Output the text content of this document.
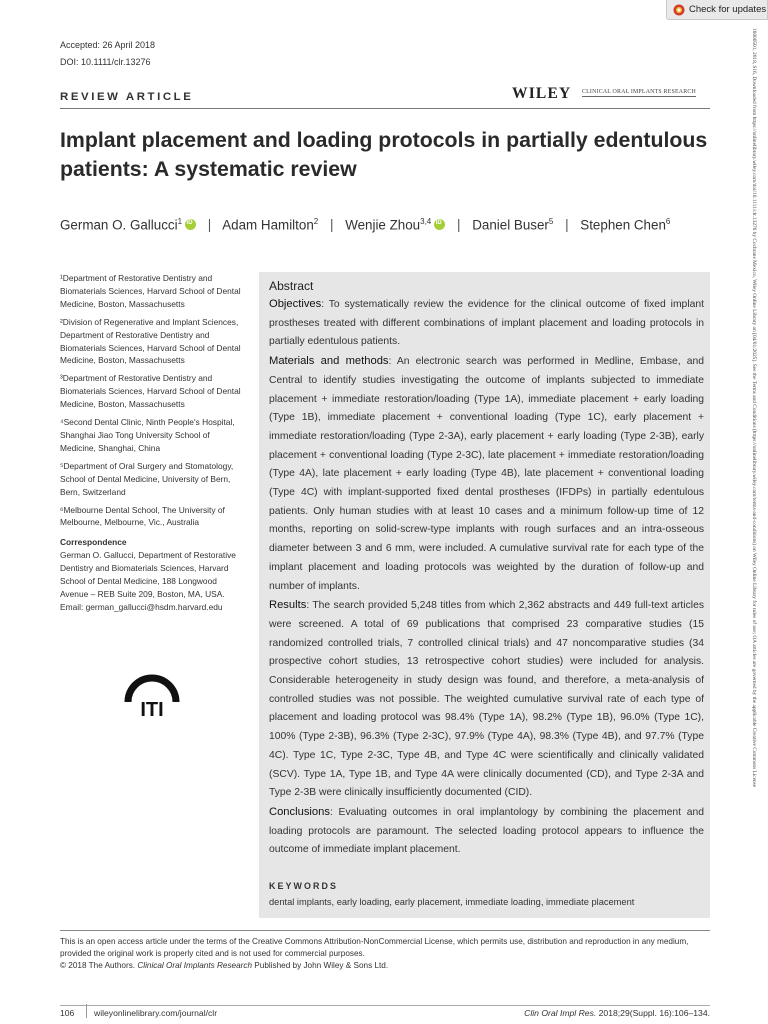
Check for updates
16000501, 2018, S16, Downloaded from https://onlinelibrary.wiley.com/doi/10.1111/clr.13276 by Cochrane Mexico, Wiley Online Library on [04/01/2025]. See the Terms and Conditions (https://onlinelibrary.wiley.com/terms-and-conditions) on Wiley Online Library for rules of use; OA articles are governed by the applicable Creative Commons License
Accepted: 26 April 2018
DOI: 10.1111/clr.13276
REVIEW ARTICLE	WILEY CLINICAL ORAL IMPLANTS RESEARCH
Implant placement and loading protocols in partially edentulous patients: A systematic review
German O. Gallucci$^1$ iD | Adam Hamilton$^2$ | Wenjie Zhou$^{3,4}$ iD | Daniel Buser$^5$ | Stephen Chen$^6$

¹Department of Restorative Dentistry and Biomaterials Sciences, Harvard School of Dental Medicine, Boston, Massachusetts

²Division of Regenerative and Implant Sciences, Department of Restorative Dentistry and Biomaterials Sciences, Harvard School of Dental Medicine, Boston, Massachusetts

³Department of Restorative Dentistry and Biomaterials Sciences, Harvard School of Dental Medicine, Boston, Massachusetts

⁴Second Dental Clinic, Ninth People's Hospital, Shanghai Jiao Tong University School of Medicine, Shanghai, China

⁵Department of Oral Surgery and Stomatology, School of Dental Medicine, University of Bern, Bern, Switzerland

⁶Melbourne Dental School, The University of Melbourne, Melbourne, Vic., Australia

Correspondence
German O. Gallucci, Department of Restorative Dentistry and Biomaterials Sciences, Harvard School of Dental Medicine, 188 Longwood Avenue – REB Suite 209, Boston, MA, USA.
Email: german_gallucci@hsdm.harvard.edu
ITI
Abstract

Objectives: To systematically review the evidence for the clinical outcome of fixed implant prostheses treated with different combinations of implant placement and loading protocols in partially edentulous patients.

Materials and methods: An electronic search was performed in Medline, Embase, and Central to identify studies investigating the outcome of implants subjected to immediate placement + immediate restoration/loading (Type 1A), immediate placement + early loading (Type 1B), immediate placement + conventional loading (Type 1C), early placement + immediate restoration/loading (Type 2-3A), early placement + early loading (Type 2-3B), early placement + conventional loading (Type 2-3C), late placement + immediate restoration/loading (Type 4A), late placement + early loading (Type 4B), late placement + conventional loading (Type 4C) with implant-supported fixed dental prostheses (IFDPs) in partially edentulous patients. Only human studies with at least 10 cases and a minimum follow-up time of 12 months, reporting on solid-screw-type implants with rough surfaces and an intra-osseous diameter between 3 and 6 mm, were included. A cumulative survival rate for each type of the implant placement and loading protocols was weighted by the duration of follow-up and number of implants.

Results: The search provided 5,248 titles from which 2,362 abstracts and 449 full-text articles were screened. A total of 69 publications that comprised 23 comparative studies (15 randomized controlled trials, 7 controlled clinical trials) and 47 noncomparative studies (34 prospective cohort studies, 13 retrospective cohort studies) were included for analysis. Considerable heterogeneity in study design was found, and therefore, a meta-analysis of controlled studies was not possible. The weighted cumulative survival rate of each type of placement and loading protocol was 98.4% (Type 1A), 98.2% (Type 1B), 96.0% (Type 1C), 100% (Type 2-3B), 96.3% (Type 2-3C), 97.9% (Type 4A), 98.3% (Type 4B), and 97.7% (Type 4C). Type 1C, Type 2-3C, Type 4B, and Type 4C were scientifically and clinically validated (SCV). Type 1A, Type 1B, and Type 4A were clinically documented (CD), and Type 2-3A and Type 2-3B were clinically insufficiently documented (CID).

Conclusions: Evaluating outcomes in oral implantology by combining the placement and loading protocols are paramount. The selected loading protocol appears to influence the outcome of immediate implant placement.

KEYWORDS
dental implants, early loading, early placement, immediate loading, immediate placement
This is an open access article under the terms of the Creative Commons Attribution-NonCommercial License, which permits use, distribution and reproduction in any medium, provided the original work is properly cited and is not used for commercial purposes.
© 2018 The Authors. Clinical Oral Implants Research Published by John Wiley & Sons Ltd.
106 wileyonlinelibrary.com/journal/clr	Clin Oral Impl Res. 2018;29(Suppl. 16):106–134.
